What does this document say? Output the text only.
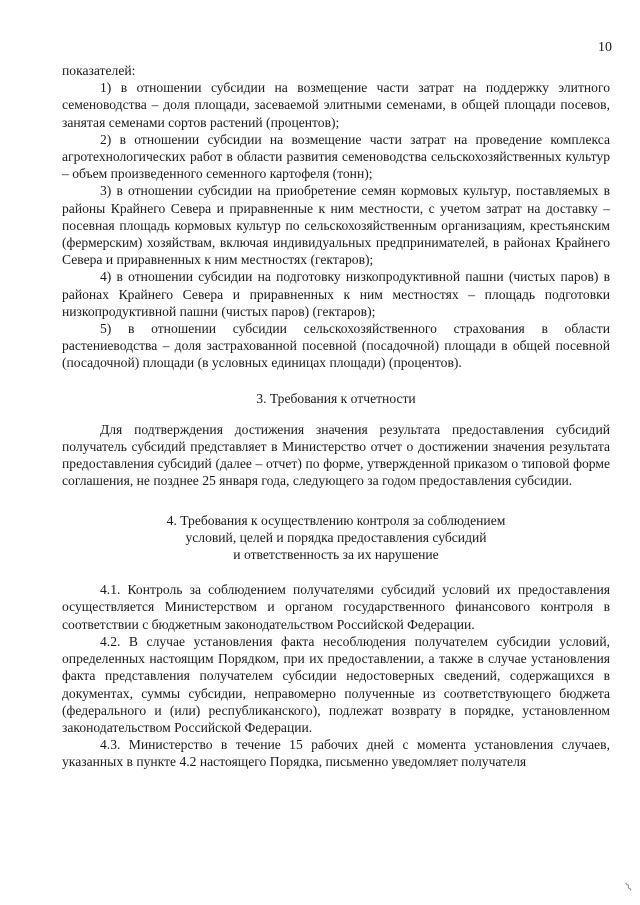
10

показателей:

1) в отношении субсидии на возмещение части затрат на поддержку элитного семеноводства – доля площади, засеваемой элитными семенами, в общей площади посевов, занятая семенами сортов растений (процентов);

2) в отношении субсидии на возмещение части затрат на проведение комплекса агротехнологических работ в области развития семеноводства сельскохозяйственных культур – объем произведенного семенного картофеля (тонн);

3) в отношении субсидии на приобретение семян кормовых культур, поставляемых в районы Крайнего Севера и приравненные к ним местности, с учетом затрат на доставку – посевная площадь кормовых культур по сельскохозяйственным организациям, крестьянским (фермерским) хозяйствам, включая индивидуальных предпринимателей, в районах Крайнего Севера и приравненных к ним местностях (гектаров);

4) в отношении субсидии на подготовку низкопродуктивной пашни (чистых паров) в районах Крайнего Севера и приравненных к ним местностях – площадь подготовки низкопродуктивной пашни (чистых паров) (гектаров);

5) в отношении субсидии сельскохозяйственного страхования в области растениеводства – доля застрахованной посевной (посадочной) площади в общей посевной (посадочной) площади (в условных единицах площади) (процентов).

3. Требования к отчетности

Для подтверждения достижения значения результата предоставления субсидий получатель субсидий представляет в Министерство отчет о достижении значения результата предоставления субсидий (далее – отчет) по форме, утвержденной приказом о типовой форме соглашения, не позднее 25 января года, следующего за годом предоставления субсидии.

4. Требования к осуществлению контроля за соблюдением
условий, целей и порядка предоставления субсидий
и ответственность за их нарушение

4.1. Контроль за соблюдением получателями субсидий условий их предоставления осуществляется Министерством и органом государственного финансового контроля в соответствии с бюджетным законодательством Российской Федерации.

4.2. В случае установления факта несоблюдения получателем субсидии условий, определенных настоящим Порядком, при их предоставлении, а также в случае установления факта представления получателем субсидии недостоверных сведений, содержащихся в документах, суммы субсидии, неправомерно полученные из соответствующего бюджета (федерального и (или) республиканского), подлежат возврату в порядке, установленном законодательством Российской Федерации.

4.3. Министерство в течение 15 рабочих дней с момента установления случаев, указанных в пункте 4.2 настоящего Порядка, письменно уведомляет получателя

⌇
